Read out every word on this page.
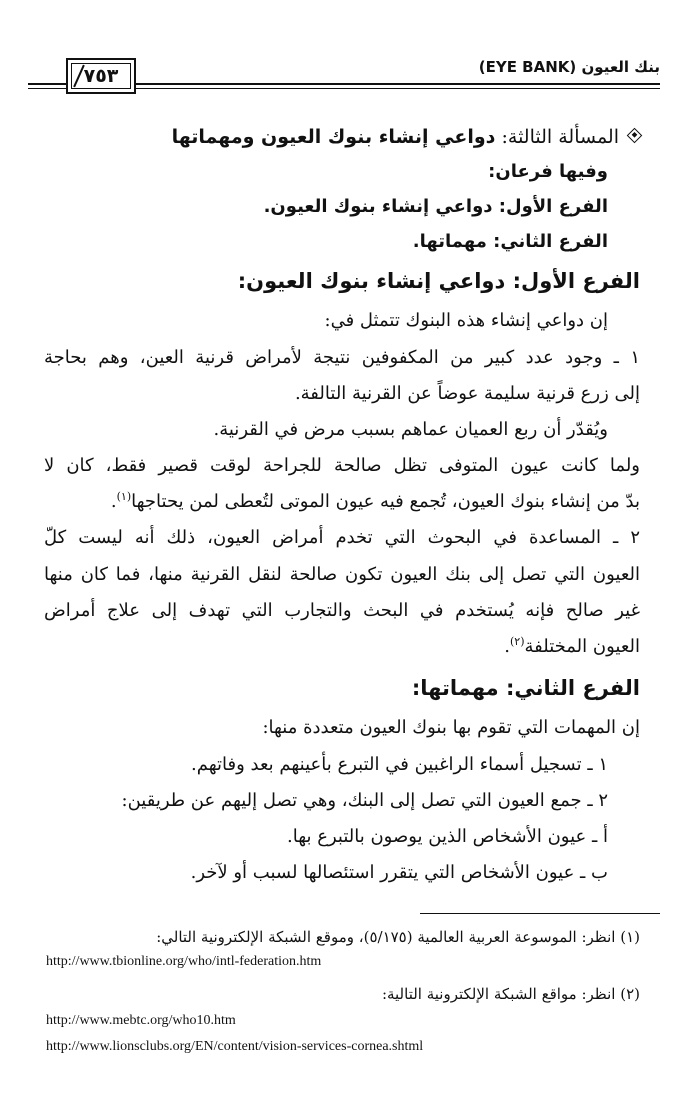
بنك العيون (EYE BANK)
٧٥٣
المسألة الثالثة: دواعي إنشاء بنوك العيون ومهماتها
وفيها فرعان:
الفرع الأول: دواعي إنشاء بنوك العيون.
الفرع الثاني: مهماتها.
الفرع الأول: دواعي إنشاء بنوك العيون:
إن دواعي إنشاء هذه البنوك تتمثل في:
١ ـ وجود عدد كبير من المكفوفين نتيجة لأمراض قرنية العين، وهم بحاجة
إلى زرع قرنية سليمة عوضاً عن القرنية التالفة.
ويُقدّر أن ربع العميان عماهم بسبب مرض في القرنية.
ولما كانت عيون المتوفى تظل صالحة للجراحة لوقت قصير فقط، كان لا
بدّ من إنشاء بنوك العيون، تُجمع فيه عيون الموتى لتُعطى لمن يحتاجها$^{(١)}$.
٢ ـ المساعدة في البحوث التي تخدم أمراض العيون، ذلك أنه ليست كلّ
العيون التي تصل إلى بنك العيون تكون صالحة لنقل القرنية منها، فما كان منها
غير صالح فإنه يُستخدم في البحث والتجارب التي تهدف إلى علاج أمراض
العيون المختلفة$^{(٢)}$.
الفرع الثاني: مهماتها:
إن المهمات التي تقوم بها بنوك العيون متعددة منها:
١ ـ تسجيل أسماء الراغبين في التبرع بأعينهم بعد وفاتهم.
٢ ـ جمع العيون التي تصل إلى البنك، وهي تصل إليهم عن طريقين:
أ ـ عيون الأشخاص الذين يوصون بالتبرع بها.
ب ـ عيون الأشخاص التي يتقرر استئصالها لسبب أو لآخر.
(١) انظر: الموسوعة العربية العالمية (٥/١٧٥)، وموقع الشبكة الإلكترونية التالي:
http://www.tbionline.org/who/intl-federation.htm
(٢) انظر: مواقع الشبكة الإلكترونية التالية:
http://www.mebtc.org/who10.htm
http://www.lionsclubs.org/EN/content/vision-services-cornea.shtml
